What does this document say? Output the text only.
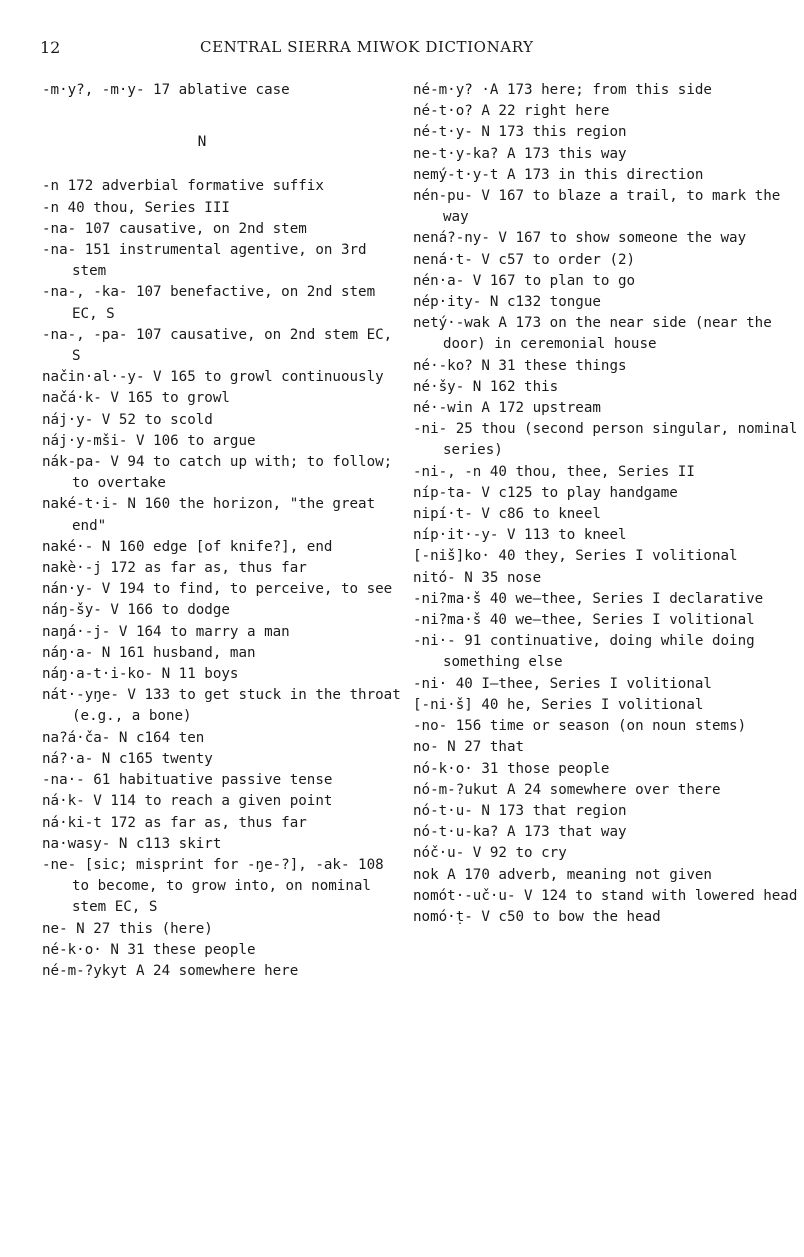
12	CENTRAL SIERRA MIWOK DICTIONARY

-m·y?, -m·y- 17 ablative case

N

-n 172 adverbial formative suffix

-n 40 thou, Series III

-na- 107 causative, on 2nd stem

-na- 151 instrumental agentive, on 3rd stem

-na-, -ka- 107 benefactive, on 2nd stem EC, S

-na-, -pa- 107 causative, on 2nd stem EC, S

način·al·-y- V 165 to growl continuously

načá·k- V 165 to growl

náj·y- V 52 to scold

náj·y-mši- V 106 to argue

nák-pa- V 94 to catch up with; to follow; to overtake

naké-t·i- N 160 the horizon, "the great end"

naké·- N 160 edge [of knife?], end

nakè·-j 172 as far as, thus far

nán·y- V 194 to find, to perceive, to see

náŋ-šy- V 166 to dodge

naŋá·-j- V 164 to marry a man

náŋ·a- N 161 husband, man

náŋ·a-t·i-ko- N 11 boys

nát·-yŋe- V 133 to get stuck in the throat (e.g., a bone)

na?á·ča- N c164 ten

ná?·a- N c165 twenty

-na·- 61 habituative passive tense

ná·k- V 114 to reach a given point

ná·ki-t 172 as far as, thus far

na·wasy- N c113 skirt

-ne- [sic; misprint for -ŋe-?], -ak- 108 to become, to grow into, on nominal stem EC, S

ne- N 27 this (here)

né-k·o· N 31 these people

né-m-?ykyt A 24 somewhere here

né-m·y? ·A 173 here; from this side

né-t·o? A 22 right here

né-t·y- N 173 this region

ne-t·y-ka? A 173 this way

nemý-t·y-t A 173 in this direction

nén-pu- V 167 to blaze a trail, to mark the way

nená?-ny- V 167 to show someone the way

nená·t- V c57 to order (2)

nén·a- V 167 to plan to go

nép·ity- N c132 tongue

netý·-wak A 173 on the near side (near the door) in ceremonial house

né·-ko? N 31 these things

né·šy- N 162 this

né·-win A 172 upstream

-ni- 25 thou (second person singular, nominal series)

-ni-, -n 40 thou, thee, Series II

níp-ta- V c125 to play handgame

nipí·t- V c86 to kneel

níp·it·-y- V 113 to kneel

[-niš]ko· 40 they, Series I volitional

nitó- N 35 nose

-ni?ma·š 40 we—thee, Series I declarative

-ni?ma·š 40 we—thee, Series I volitional

-ni·- 91 continuative, doing while doing something else

-ni· 40 I—thee, Series I volitional

[-ni·š] 40 he, Series I volitional

-no- 156 time or season (on noun stems)

no- N 27 that

nó-k·o· 31 those people

nó-m-?ukut A 24 somewhere over there

nó-t·u- N 173 that region

nó-t·u-ka? A 173 that way

nóč·u- V 92 to cry

nok A 170 adverb, meaning not given

nomót·-uč·u- V 124 to stand with lowered head

nomó·ṭ- V c50 to bow the head
